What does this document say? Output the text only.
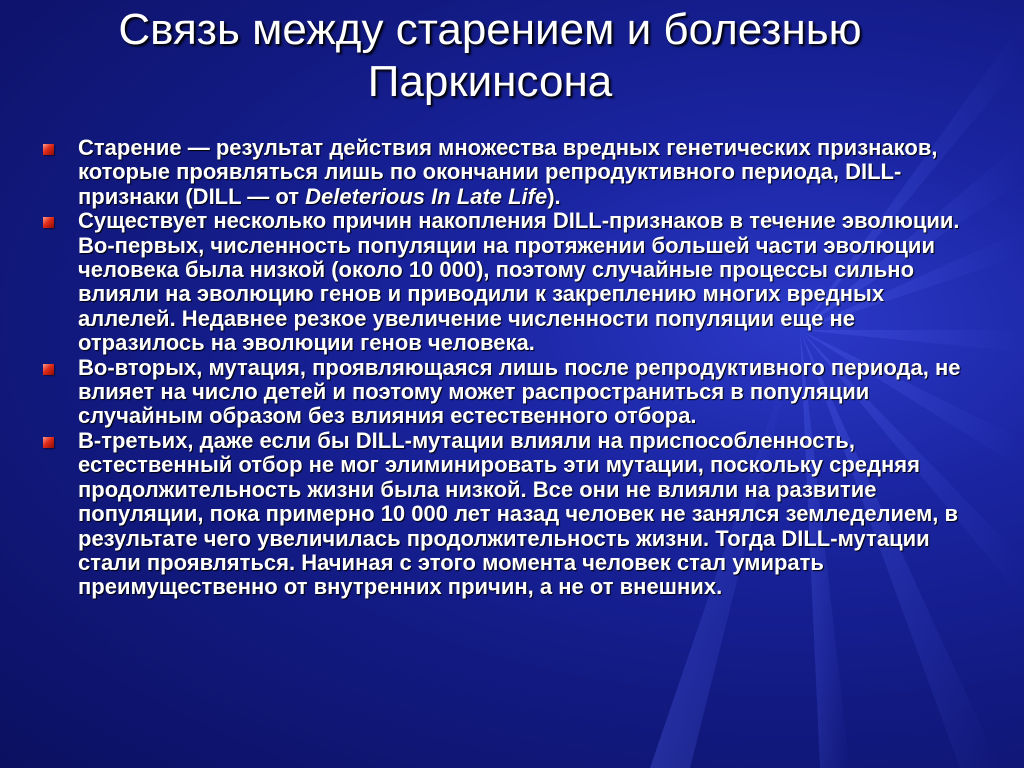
Связь между старением и болезнью
Паркинсона

Старение — результат действия множества вредных генетических признаков, которые проявляться лишь по окончании репродуктивного периода, DILL-признаки (DILL — от Deleterious In Late Life).

Существует несколько причин накопления DILL-признаков в течение эволюции. Во-первых, численность популяции на протяжении большей части эволюции человека была низкой (около 10 000), поэтому случайные процессы сильно влияли на эволюцию генов и приводили к закреплению многих вредных аллелей. Недавнее резкое увеличение численности популяции еще не отразилось на эволюции генов человека.

Во-вторых, мутация, проявляющаяся лишь после репродуктивного периода, не влияет на число детей и поэтому может распространиться в популяции случайным образом без влияния естественного отбора.

В-третьих, даже если бы DILL-мутации влияли на приспособленность, естественный отбор не мог элиминировать эти мутации, поскольку средняя продолжительность жизни была низкой. Все они не влияли на развитие популяции, пока примерно 10 000 лет назад человек не занялся земледелием, в результате чего увеличилась продолжительность жизни. Тогда DILL-мутации стали проявляться. Начиная с этого момента человек стал умирать преимущественно от внутренних причин, а не от внешних.
